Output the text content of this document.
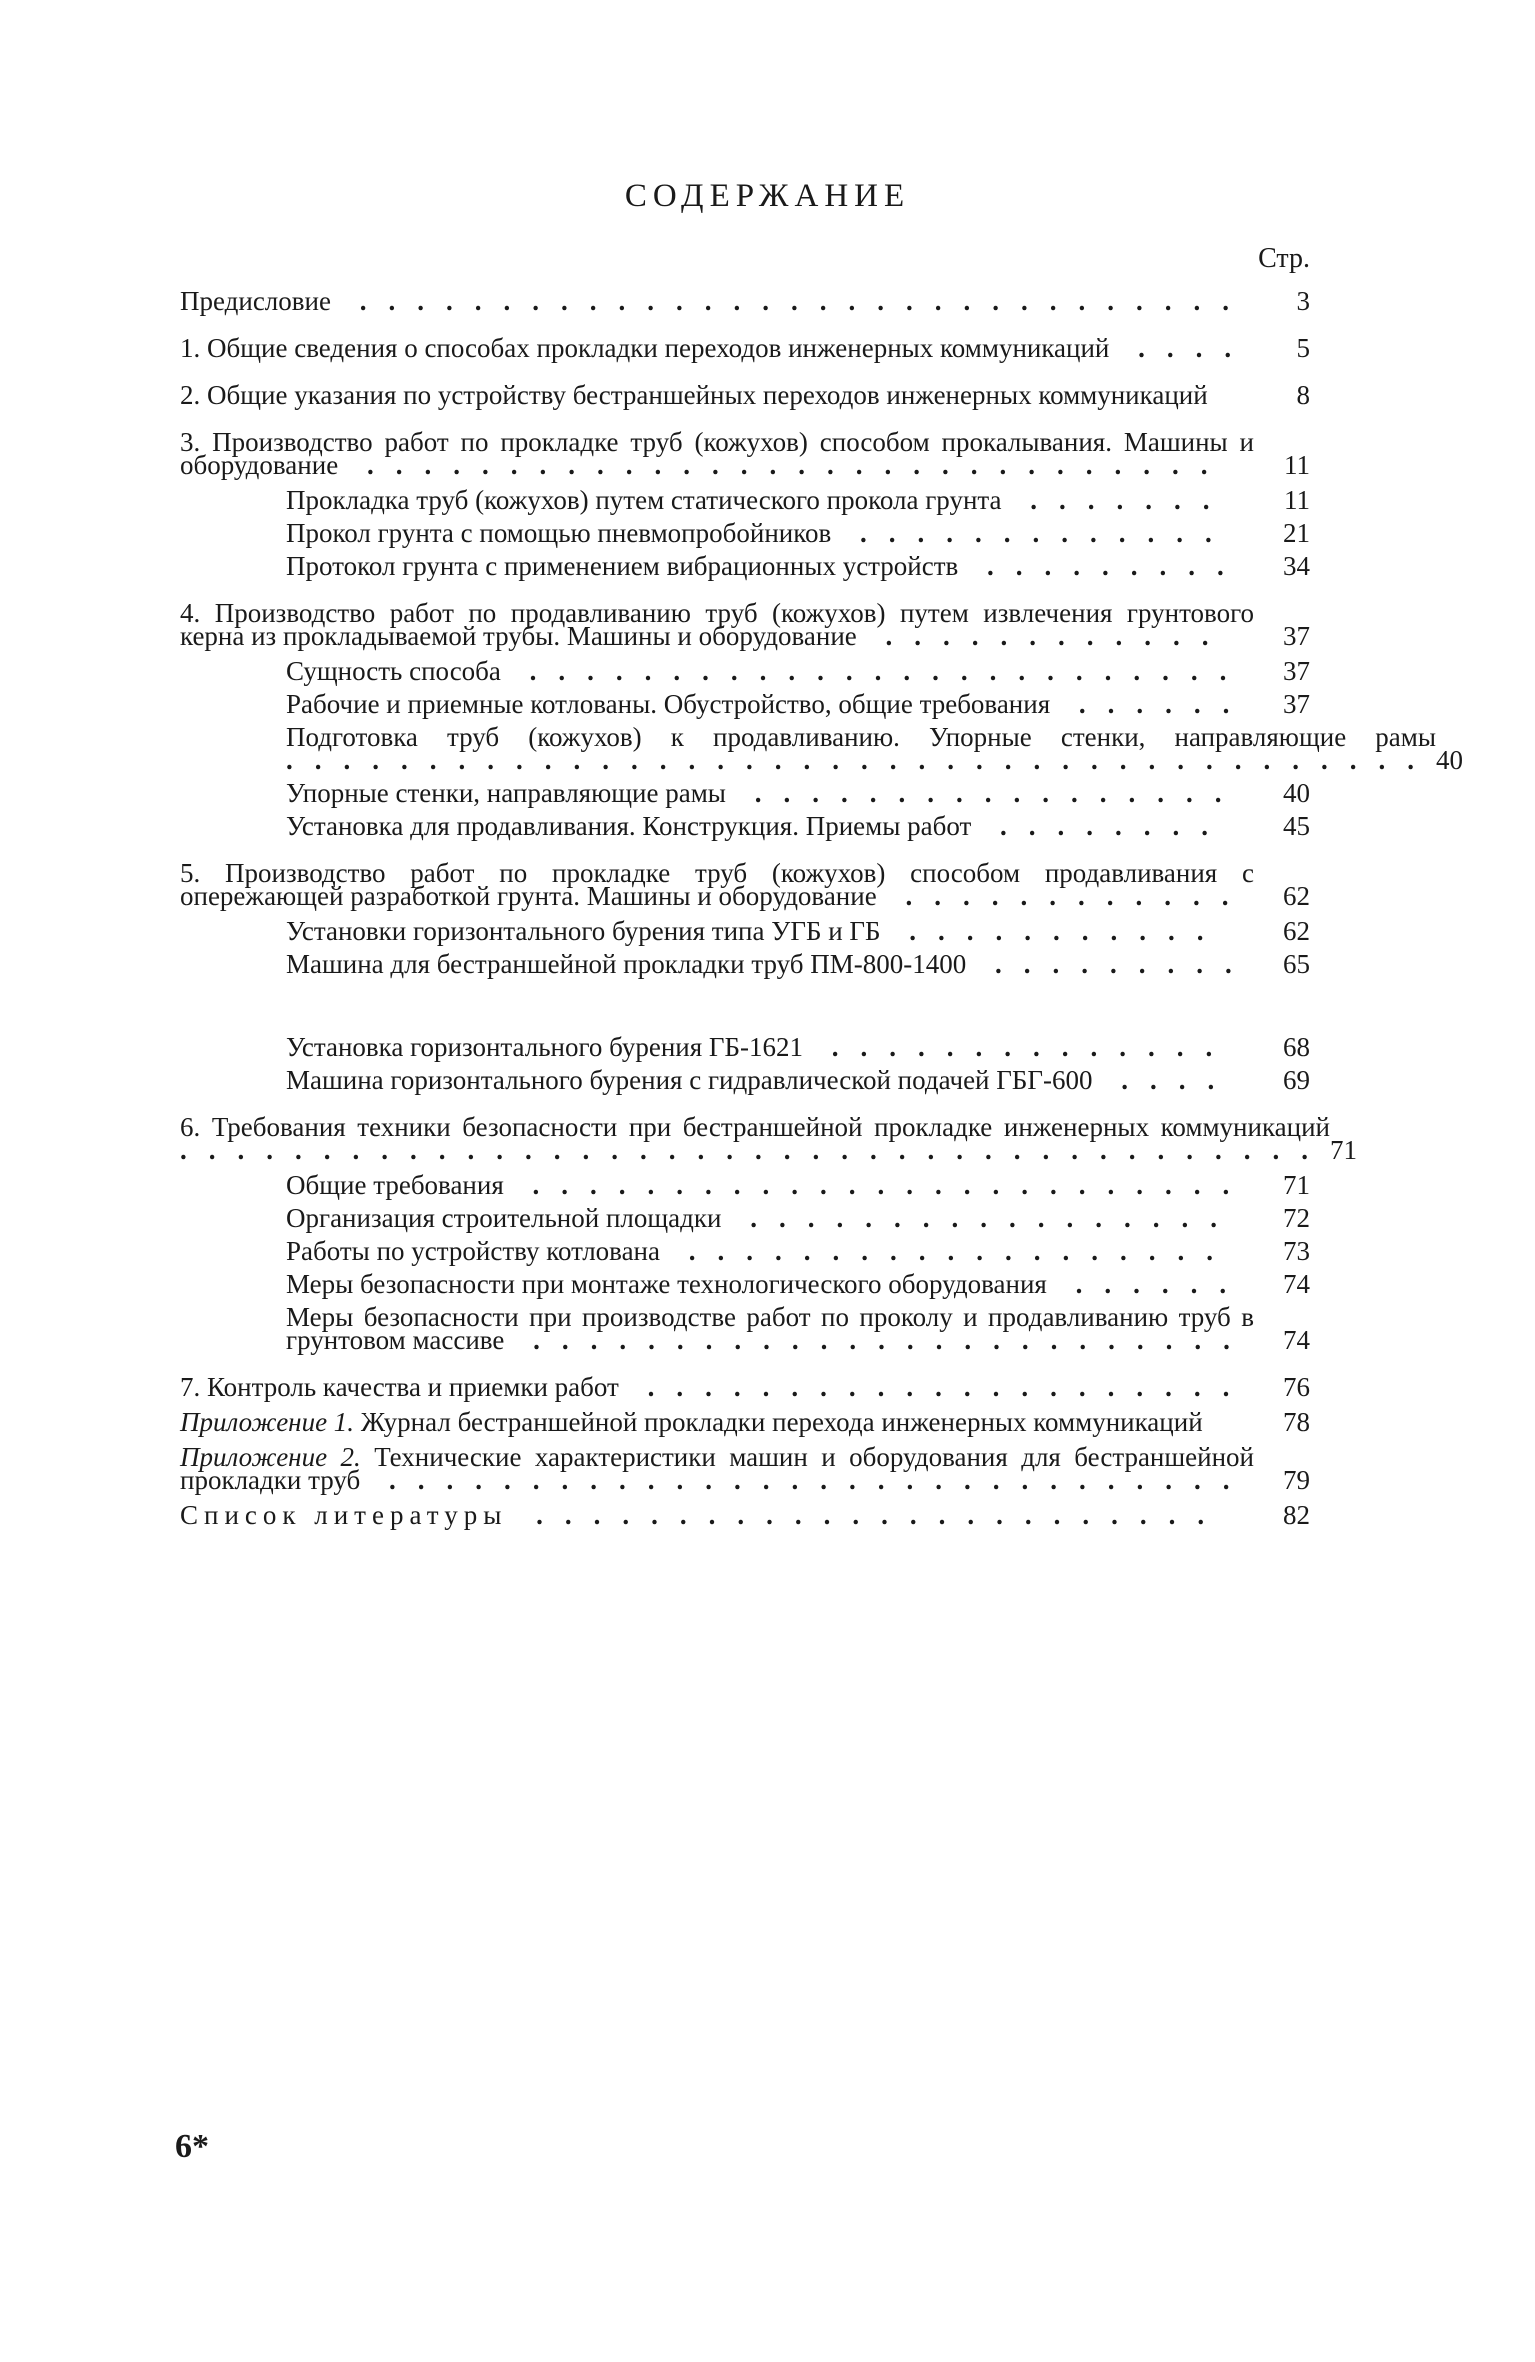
СОДЕРЖАНИЕ
Стр.
Предисловие ...............................	3
1. Общие сведения о способах прокладки переходов инженерных коммуникаций ....	5
2. Общие указания по устройству бестраншейных переходов инженерных коммуникаций	8
3. Производство работ по прокладке труб (кожухов) способом прокалывания. Машины и оборудование ..............................	11
Прокладка труб (кожухов) путем статического прокола грунта .......	11
Прокол грунта с помощью пневмопробойников .............	21
Протокол грунта с применением вибрационных устройств .........	34
4. Производство работ по продавливанию труб (кожухов) путем извлечения грунтового керна из прокладываемой трубы. Машины и оборудование ............	37
Сущность способа .........................	37
Рабочие и приемные котлованы. Обустройство, общие требования ......	37
Подготовка труб (кожухов) к продавливанию. Упорные стенки, направляющие рамы ........................................ 40
Упорные стенки, направляющие рамы .................	40
Установка для продавливания. Конструкция. Приемы работ ........	45
5. Производство работ по прокладке труб (кожухов) способом продавливания с опережающей разработкой грунта. Машины и оборудование ............	62
Установки горизонтального бурения типа УГБ и ГБ ...........	62
Машина для бестраншейной прокладки труб ПМ-800-1400 .........	65
Установка горизонтального бурения ГБ-1621 ..............	68
Машина горизонтального бурения с гидравлической подачей ГБГ-600 ....	69
6. Требования техники безопасности при бестраншейной прокладке инженерных коммуникаций ........................................ 71
Общие требования .........................	71
Организация строительной площадки .................	72
Работы по устройству котлована ...................	73
Меры безопасности при монтаже технологического оборудования ......	74
Меры безопасности при производстве работ по проколу и продавливанию труб в грунтовом массиве .........................	74
7. Контроль качества и приемки работ .....................	76
Приложение 1. Журнал бестраншейной прокладки перехода инженерных коммуникаций	78
Приложение 2. Технические характеристики машин и оборудования для бестраншейной прокладки труб ..............................	79
Список литературы ........................	82
6*
